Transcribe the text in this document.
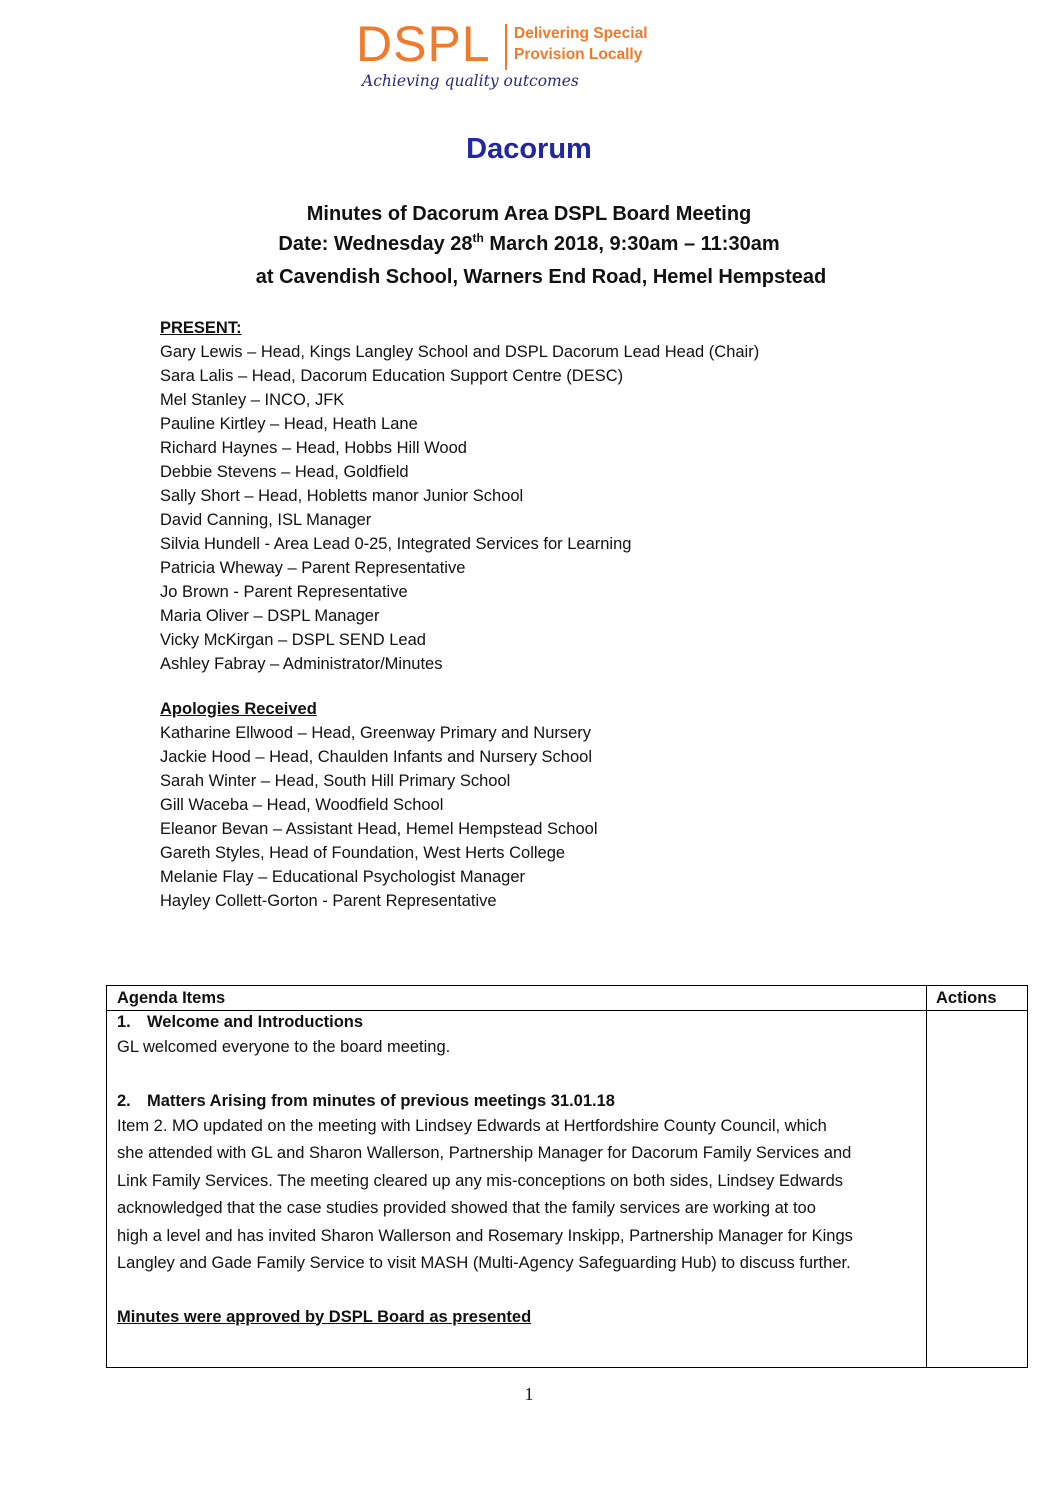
DSPL Delivering Special
Provision Locally
Achieving quality outcomes
Dacorum
Minutes of Dacorum Area DSPL Board Meeting
Date: Wednesday 28th March 2018, 9:30am – 11:30am
at Cavendish School, Warners End Road, Hemel Hempstead
PRESENT:
Gary Lewis – Head, Kings Langley School and DSPL Dacorum Lead Head (Chair)
Sara Lalis – Head, Dacorum Education Support Centre (DESC)
Mel Stanley – INCO, JFK
Pauline Kirtley – Head, Heath Lane
Richard Haynes – Head, Hobbs Hill Wood
Debbie Stevens – Head, Goldfield
Sally Short – Head, Hobletts manor Junior School
David Canning, ISL Manager
Silvia Hundell - Area Lead 0-25, Integrated Services for Learning
Patricia Wheway – Parent Representative
Jo Brown - Parent Representative
Maria Oliver – DSPL Manager
Vicky McKirgan – DSPL SEND Lead
Ashley Fabray – Administrator/Minutes
Apologies Received
Katharine Ellwood – Head, Greenway Primary and Nursery
Jackie Hood – Head, Chaulden Infants and Nursery School
Sarah Winter – Head, South Hill Primary School
Gill Waceba – Head, Woodfield School
Eleanor Bevan – Assistant Head, Hemel Hempstead School
Gareth Styles, Head of Foundation, West Herts College
Melanie Flay – Educational Psychologist Manager
Hayley Collett-Gorton - Parent Representative
Agenda Items	Actions
1. Welcome and Introductions

GL welcomed everyone to the board meeting.

2. Matters Arising from minutes of previous meetings 31.01.18

Item 2. MO updated on the meeting with Lindsey Edwards at Hertfordshire County Council, which

she attended with GL and Sharon Wallerson, Partnership Manager for Dacorum Family Services and

Link Family Services. The meeting cleared up any mis-conceptions on both sides, Lindsey Edwards

acknowledged that the case studies provided showed that the family services are working at too

high a level and has invited Sharon Wallerson and Rosemary Inskipp, Partnership Manager for Kings

Langley and Gade Family Service to visit MASH (Multi-Agency Safeguarding Hub) to discuss further.

Minutes were approved by DSPL Board as presented
1
